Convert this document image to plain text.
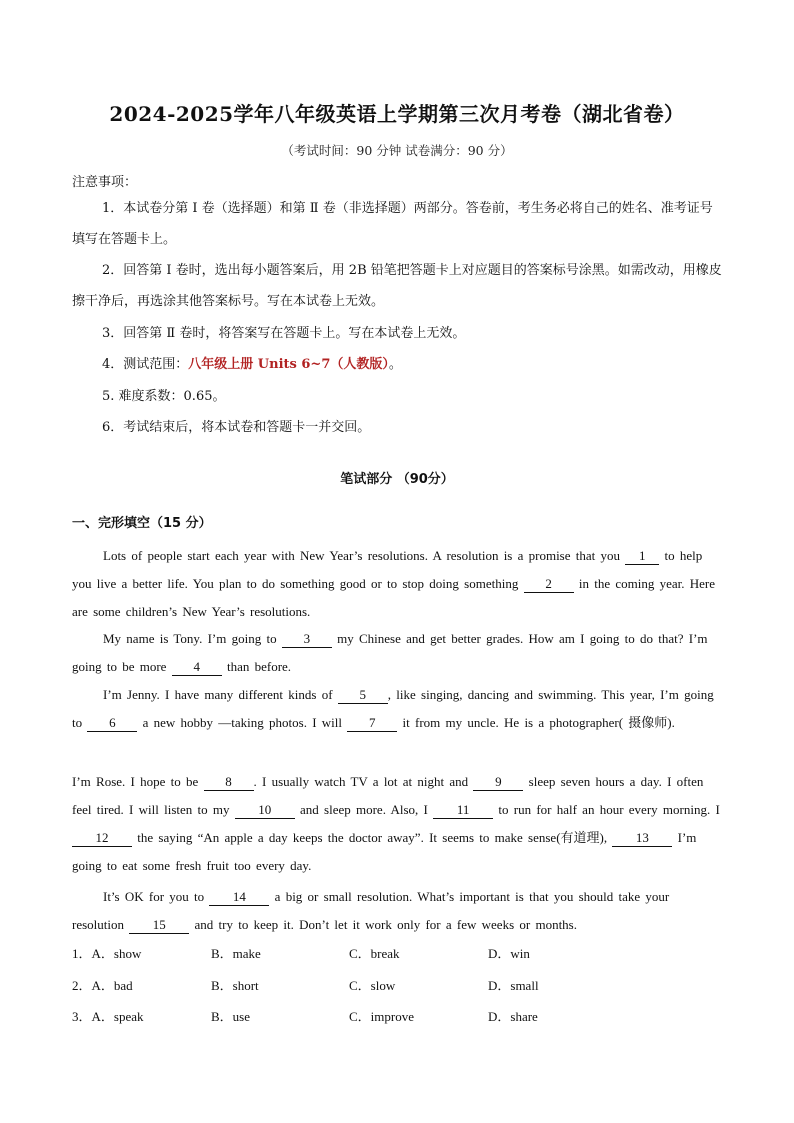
2024-2025学年八年级英语上学期第三次月考卷（湖北省卷）
（考试时间：90 分钟 试卷满分：90 分）
注意事项：
1．本试卷分第 Ⅰ 卷（选择题）和第 Ⅱ 卷（非选择题）两部分。答卷前，考生务必将自己的姓名、准考证号填写在答题卡上。
2．回答第 Ⅰ 卷时，选出每小题答案后，用 2B 铅笔把答题卡上对应题目的答案标号涂黑。如需改动，用橡皮擦干净后，再选涂其他答案标号。写在本试卷上无效。
3．回答第 Ⅱ 卷时，将答案写在答题卡上。写在本试卷上无效。
4．测试范围：八年级上册 Units 6~7（人教版）。
5. 难度系数：0.65。
6．考试结束后，将本试卷和答题卡一并交回。
笔试部分 （90分）
一、完形填空（15 分）
Lots of people start each year with New Year’s resolutions. A resolution is a promise that you 1 to help you live a better life. You plan to do something good or to stop doing something 2 in the coming year. Here are some children’s New Year’s resolutions.
My name is Tony. I’m going to 3 my Chinese and get better grades. How am I going to do that? I’m going to be more 4 than before.
I’m Jenny. I have many different kinds of 5 , like singing, dancing and swimming. This year, I’m going to 6 a new hobby —taking photos. I will 7 it from my uncle. He is a photographer( 摄像师).
I’m Rose. I hope to be 8 . I usually watch TV a lot at night and 9 sleep seven hours a day. I often feel tired. I will listen to my 10 and sleep more. Also, I 11 to run for half an hour every morning. I 12 the saying “An apple a day keeps the doctor away”. It seems to make sense(有道理), 13 I’m going to eat some fresh fruit too every day.
It’s OK for you to 14 a big or small resolution. What’s important is that you should take your resolution 15 and try to keep it. Don’t let it work only for a few weeks or months.
1．A．show	B．make	C．break	D．win
2．A．bad	B．short	C．slow	D．small
3．A．speak	B．use	C．improve	D．share
